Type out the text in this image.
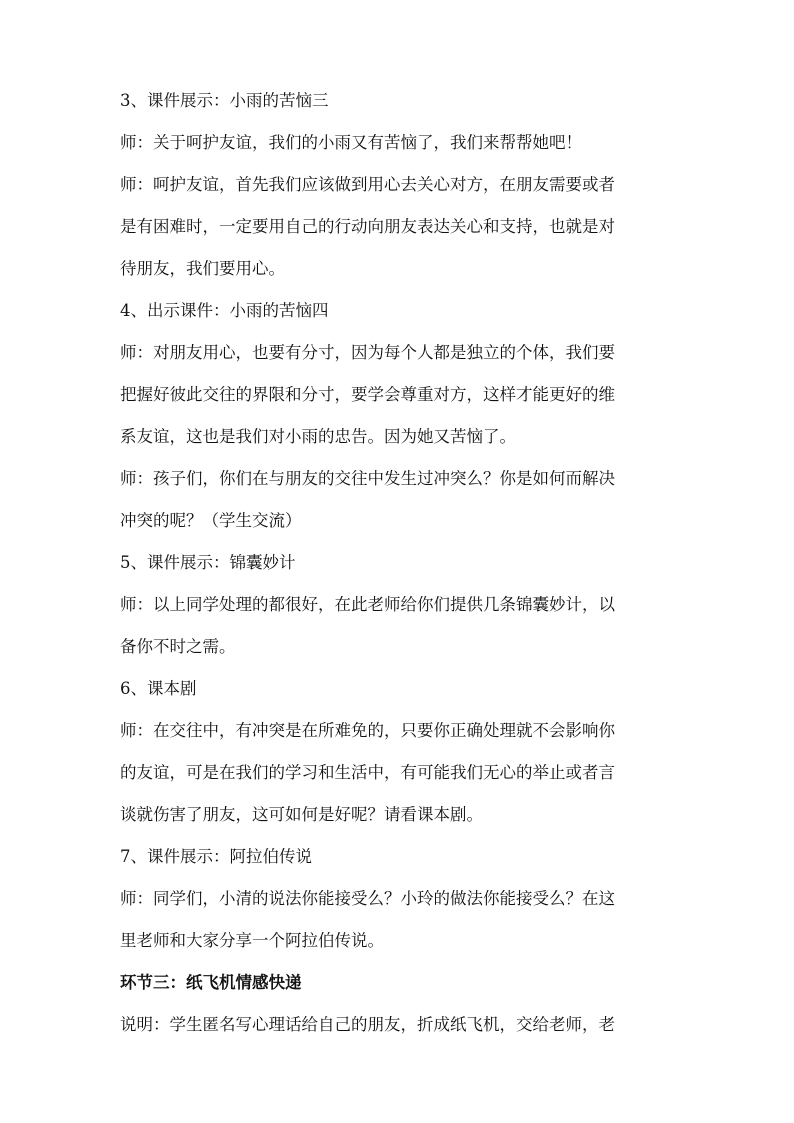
3、课件展示：小雨的苦恼三
师：关于呵护友谊，我们的小雨又有苦恼了，我们来帮帮她吧！
师：呵护友谊，首先我们应该做到用心去关心对方，在朋友需要或者
是有困难时，一定要用自己的行动向朋友表达关心和支持，也就是对
待朋友，我们要用心。
4、出示课件：小雨的苦恼四
师：对朋友用心，也要有分寸，因为每个人都是独立的个体，我们要
把握好彼此交往的界限和分寸，要学会尊重对方，这样才能更好的维
系友谊，这也是我们对小雨的忠告。因为她又苦恼了。
师：孩子们，你们在与朋友的交往中发生过冲突么？你是如何而解决
冲突的呢？（学生交流）
5、课件展示：锦囊妙计
师：以上同学处理的都很好，在此老师给你们提供几条锦囊妙计，以
备你不时之需。
6、课本剧
师：在交往中，有冲突是在所难免的，只要你正确处理就不会影响你
的友谊，可是在我们的学习和生活中，有可能我们无心的举止或者言
谈就伤害了朋友，这可如何是好呢？请看课本剧。
7、课件展示：阿拉伯传说
师：同学们，小清的说法你能接受么？小玲的做法你能接受么？在这
里老师和大家分享一个阿拉伯传说。
环节三：纸飞机情感快递
说明：学生匿名写心理话给自己的朋友，折成纸飞机，交给老师，老
